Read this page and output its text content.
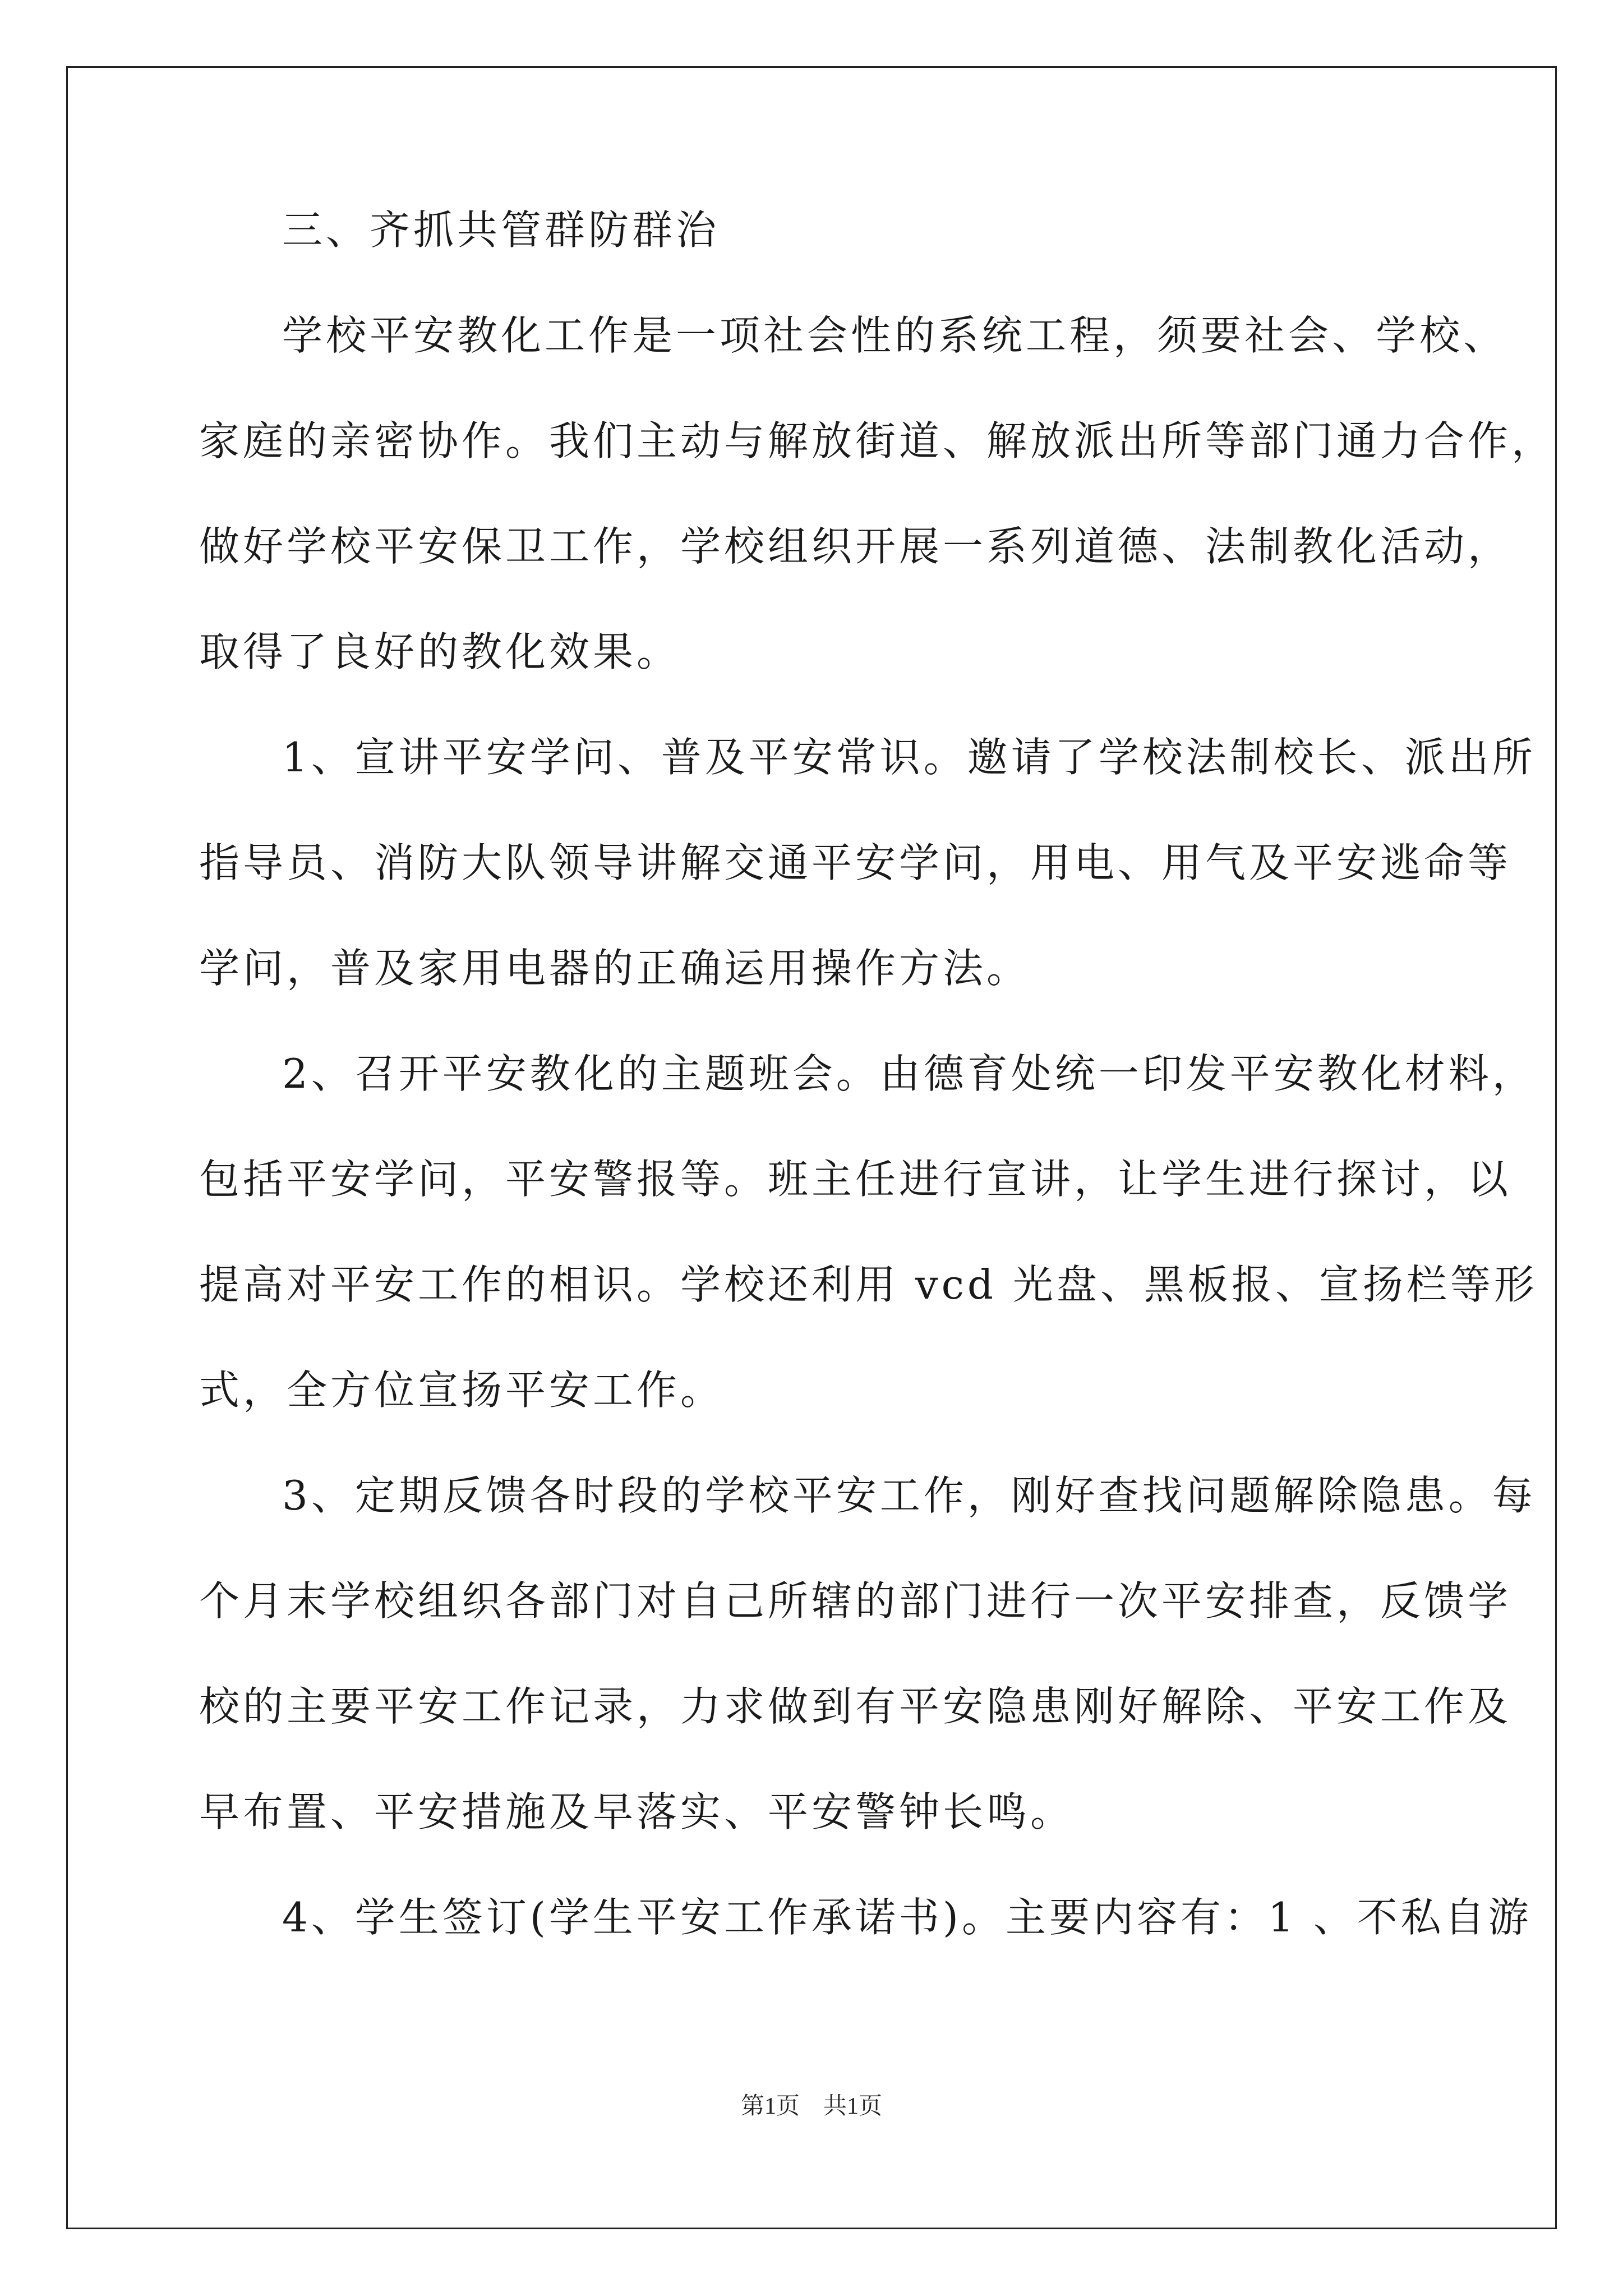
三、齐抓共管群防群治
学校平安教化工作是一项社会性的系统工程，须要社会、学校、
家庭的亲密协作。我们主动与解放街道、解放派出所等部门通力合作，
做好学校平安保卫工作，学校组织开展一系列道德、法制教化活动，
取得了良好的教化效果。
1、宣讲平安学问、普及平安常识。邀请了学校法制校长、派出所
指导员、消防大队领导讲解交通平安学问，用电、用气及平安逃命等
学问，普及家用电器的正确运用操作方法。
2、召开平安教化的主题班会。由德育处统一印发平安教化材料，
包括平安学问，平安警报等。班主任进行宣讲，让学生进行探讨，以
提高对平安工作的相识。学校还利用 vcd 光盘、黑板报、宣扬栏等形
式，全方位宣扬平安工作。
3、定期反馈各时段的学校平安工作，刚好查找问题解除隐患。每
个月末学校组织各部门对自己所辖的部门进行一次平安排查，反馈学
校的主要平安工作记录，力求做到有平安隐患刚好解除、平安工作及
早布置、平安措施及早落实、平安警钟长鸣。
4、学生签订(学生平安工作承诺书)。主要内容有：1 、不私自游
第1页　共1页
